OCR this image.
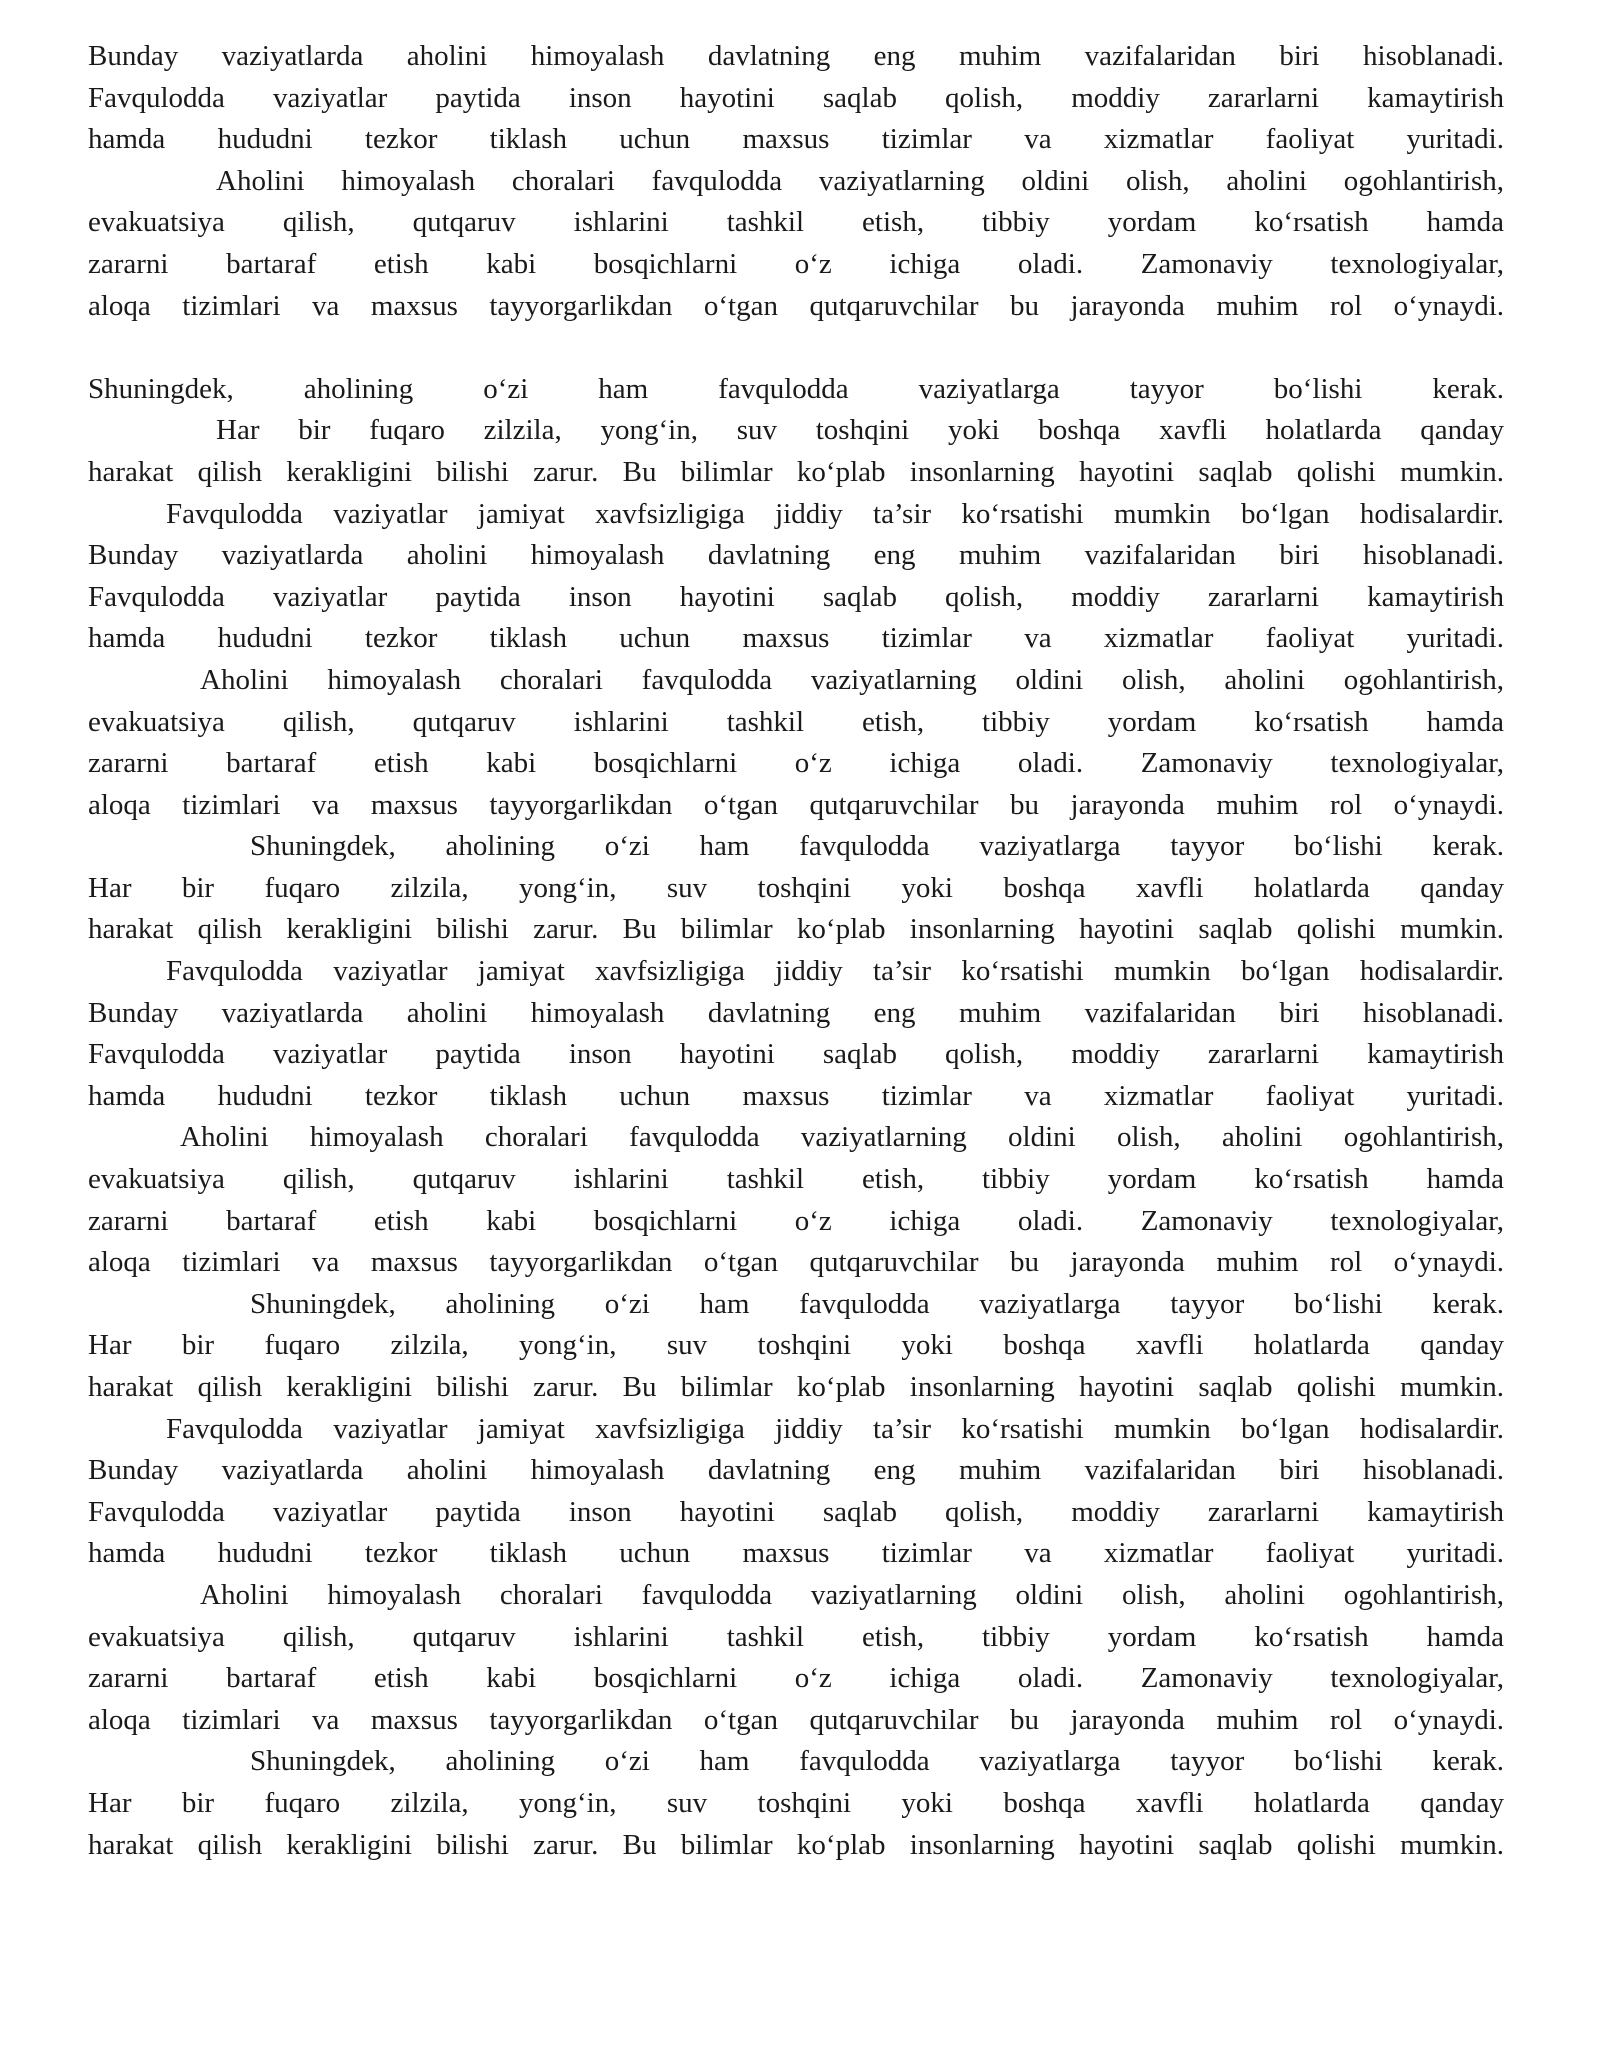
Bunday vaziyatlarda aholini himoyalash davlatning eng muhim vazifalaridan biri hisoblanadi.
Favqulodda vaziyatlar paytida inson hayotini saqlab qolish, moddiy zararlarni kamaytirish
hamda hududni tezkor tiklash uchun maxsus tizimlar va xizmatlar faoliyat yuritadi.
Aholini himoyalash choralari favqulodda vaziyatlarning oldini olish, aholini ogohlantirish,
evakuatsiya qilish, qutqaruv ishlarini tashkil etish, tibbiy yordam ko‘rsatish hamda
zararni bartaraf etish kabi bosqichlarni o‘z ichiga oladi. Zamonaviy texnologiyalar,
aloqa tizimlari va maxsus tayyorgarlikdan o‘tgan qutqaruvchilar bu jarayonda muhim rol o‘ynaydi.
Shuningdek, aholining o‘zi ham favqulodda vaziyatlarga tayyor bo‘lishi kerak.
Har bir fuqaro zilzila, yong‘in, suv toshqini yoki boshqa xavfli holatlarda qanday
harakat qilish kerakligini bilishi zarur. Bu bilimlar ko‘plab insonlarning hayotini saqlab qolishi mumkin.
Favqulodda vaziyatlar jamiyat xavfsizligiga jiddiy ta’sir ko‘rsatishi mumkin bo‘lgan hodisalardir.
Bunday vaziyatlarda aholini himoyalash davlatning eng muhim vazifalaridan biri hisoblanadi.
Favqulodda vaziyatlar paytida inson hayotini saqlab qolish, moddiy zararlarni kamaytirish
hamda hududni tezkor tiklash uchun maxsus tizimlar va xizmatlar faoliyat yuritadi.
Aholini himoyalash choralari favqulodda vaziyatlarning oldini olish, aholini ogohlantirish,
evakuatsiya qilish, qutqaruv ishlarini tashkil etish, tibbiy yordam ko‘rsatish hamda
zararni bartaraf etish kabi bosqichlarni o‘z ichiga oladi. Zamonaviy texnologiyalar,
aloqa tizimlari va maxsus tayyorgarlikdan o‘tgan qutqaruvchilar bu jarayonda muhim rol o‘ynaydi.
Shuningdek, aholining o‘zi ham favqulodda vaziyatlarga tayyor bo‘lishi kerak.
Har bir fuqaro zilzila, yong‘in, suv toshqini yoki boshqa xavfli holatlarda qanday
harakat qilish kerakligini bilishi zarur. Bu bilimlar ko‘plab insonlarning hayotini saqlab qolishi mumkin.
Favqulodda vaziyatlar jamiyat xavfsizligiga jiddiy ta’sir ko‘rsatishi mumkin bo‘lgan hodisalardir.
Bunday vaziyatlarda aholini himoyalash davlatning eng muhim vazifalaridan biri hisoblanadi.
Favqulodda vaziyatlar paytida inson hayotini saqlab qolish, moddiy zararlarni kamaytirish
hamda hududni tezkor tiklash uchun maxsus tizimlar va xizmatlar faoliyat yuritadi.
Aholini himoyalash choralari favqulodda vaziyatlarning oldini olish, aholini ogohlantirish,
evakuatsiya qilish, qutqaruv ishlarini tashkil etish, tibbiy yordam ko‘rsatish hamda
zararni bartaraf etish kabi bosqichlarni o‘z ichiga oladi. Zamonaviy texnologiyalar,
aloqa tizimlari va maxsus tayyorgarlikdan o‘tgan qutqaruvchilar bu jarayonda muhim rol o‘ynaydi.
Shuningdek, aholining o‘zi ham favqulodda vaziyatlarga tayyor bo‘lishi kerak.
Har bir fuqaro zilzila, yong‘in, suv toshqini yoki boshqa xavfli holatlarda qanday
harakat qilish kerakligini bilishi zarur. Bu bilimlar ko‘plab insonlarning hayotini saqlab qolishi mumkin.
Favqulodda vaziyatlar jamiyat xavfsizligiga jiddiy ta’sir ko‘rsatishi mumkin bo‘lgan hodisalardir.
Bunday vaziyatlarda aholini himoyalash davlatning eng muhim vazifalaridan biri hisoblanadi.
Favqulodda vaziyatlar paytida inson hayotini saqlab qolish, moddiy zararlarni kamaytirish
hamda hududni tezkor tiklash uchun maxsus tizimlar va xizmatlar faoliyat yuritadi.
Aholini himoyalash choralari favqulodda vaziyatlarning oldini olish, aholini ogohlantirish,
evakuatsiya qilish, qutqaruv ishlarini tashkil etish, tibbiy yordam ko‘rsatish hamda
zararni bartaraf etish kabi bosqichlarni o‘z ichiga oladi. Zamonaviy texnologiyalar,
aloqa tizimlari va maxsus tayyorgarlikdan o‘tgan qutqaruvchilar bu jarayonda muhim rol o‘ynaydi.
Shuningdek, aholining o‘zi ham favqulodda vaziyatlarga tayyor bo‘lishi kerak.
Har bir fuqaro zilzila, yong‘in, suv toshqini yoki boshqa xavfli holatlarda qanday
harakat qilish kerakligini bilishi zarur. Bu bilimlar ko‘plab insonlarning hayotini saqlab qolishi mumkin.
